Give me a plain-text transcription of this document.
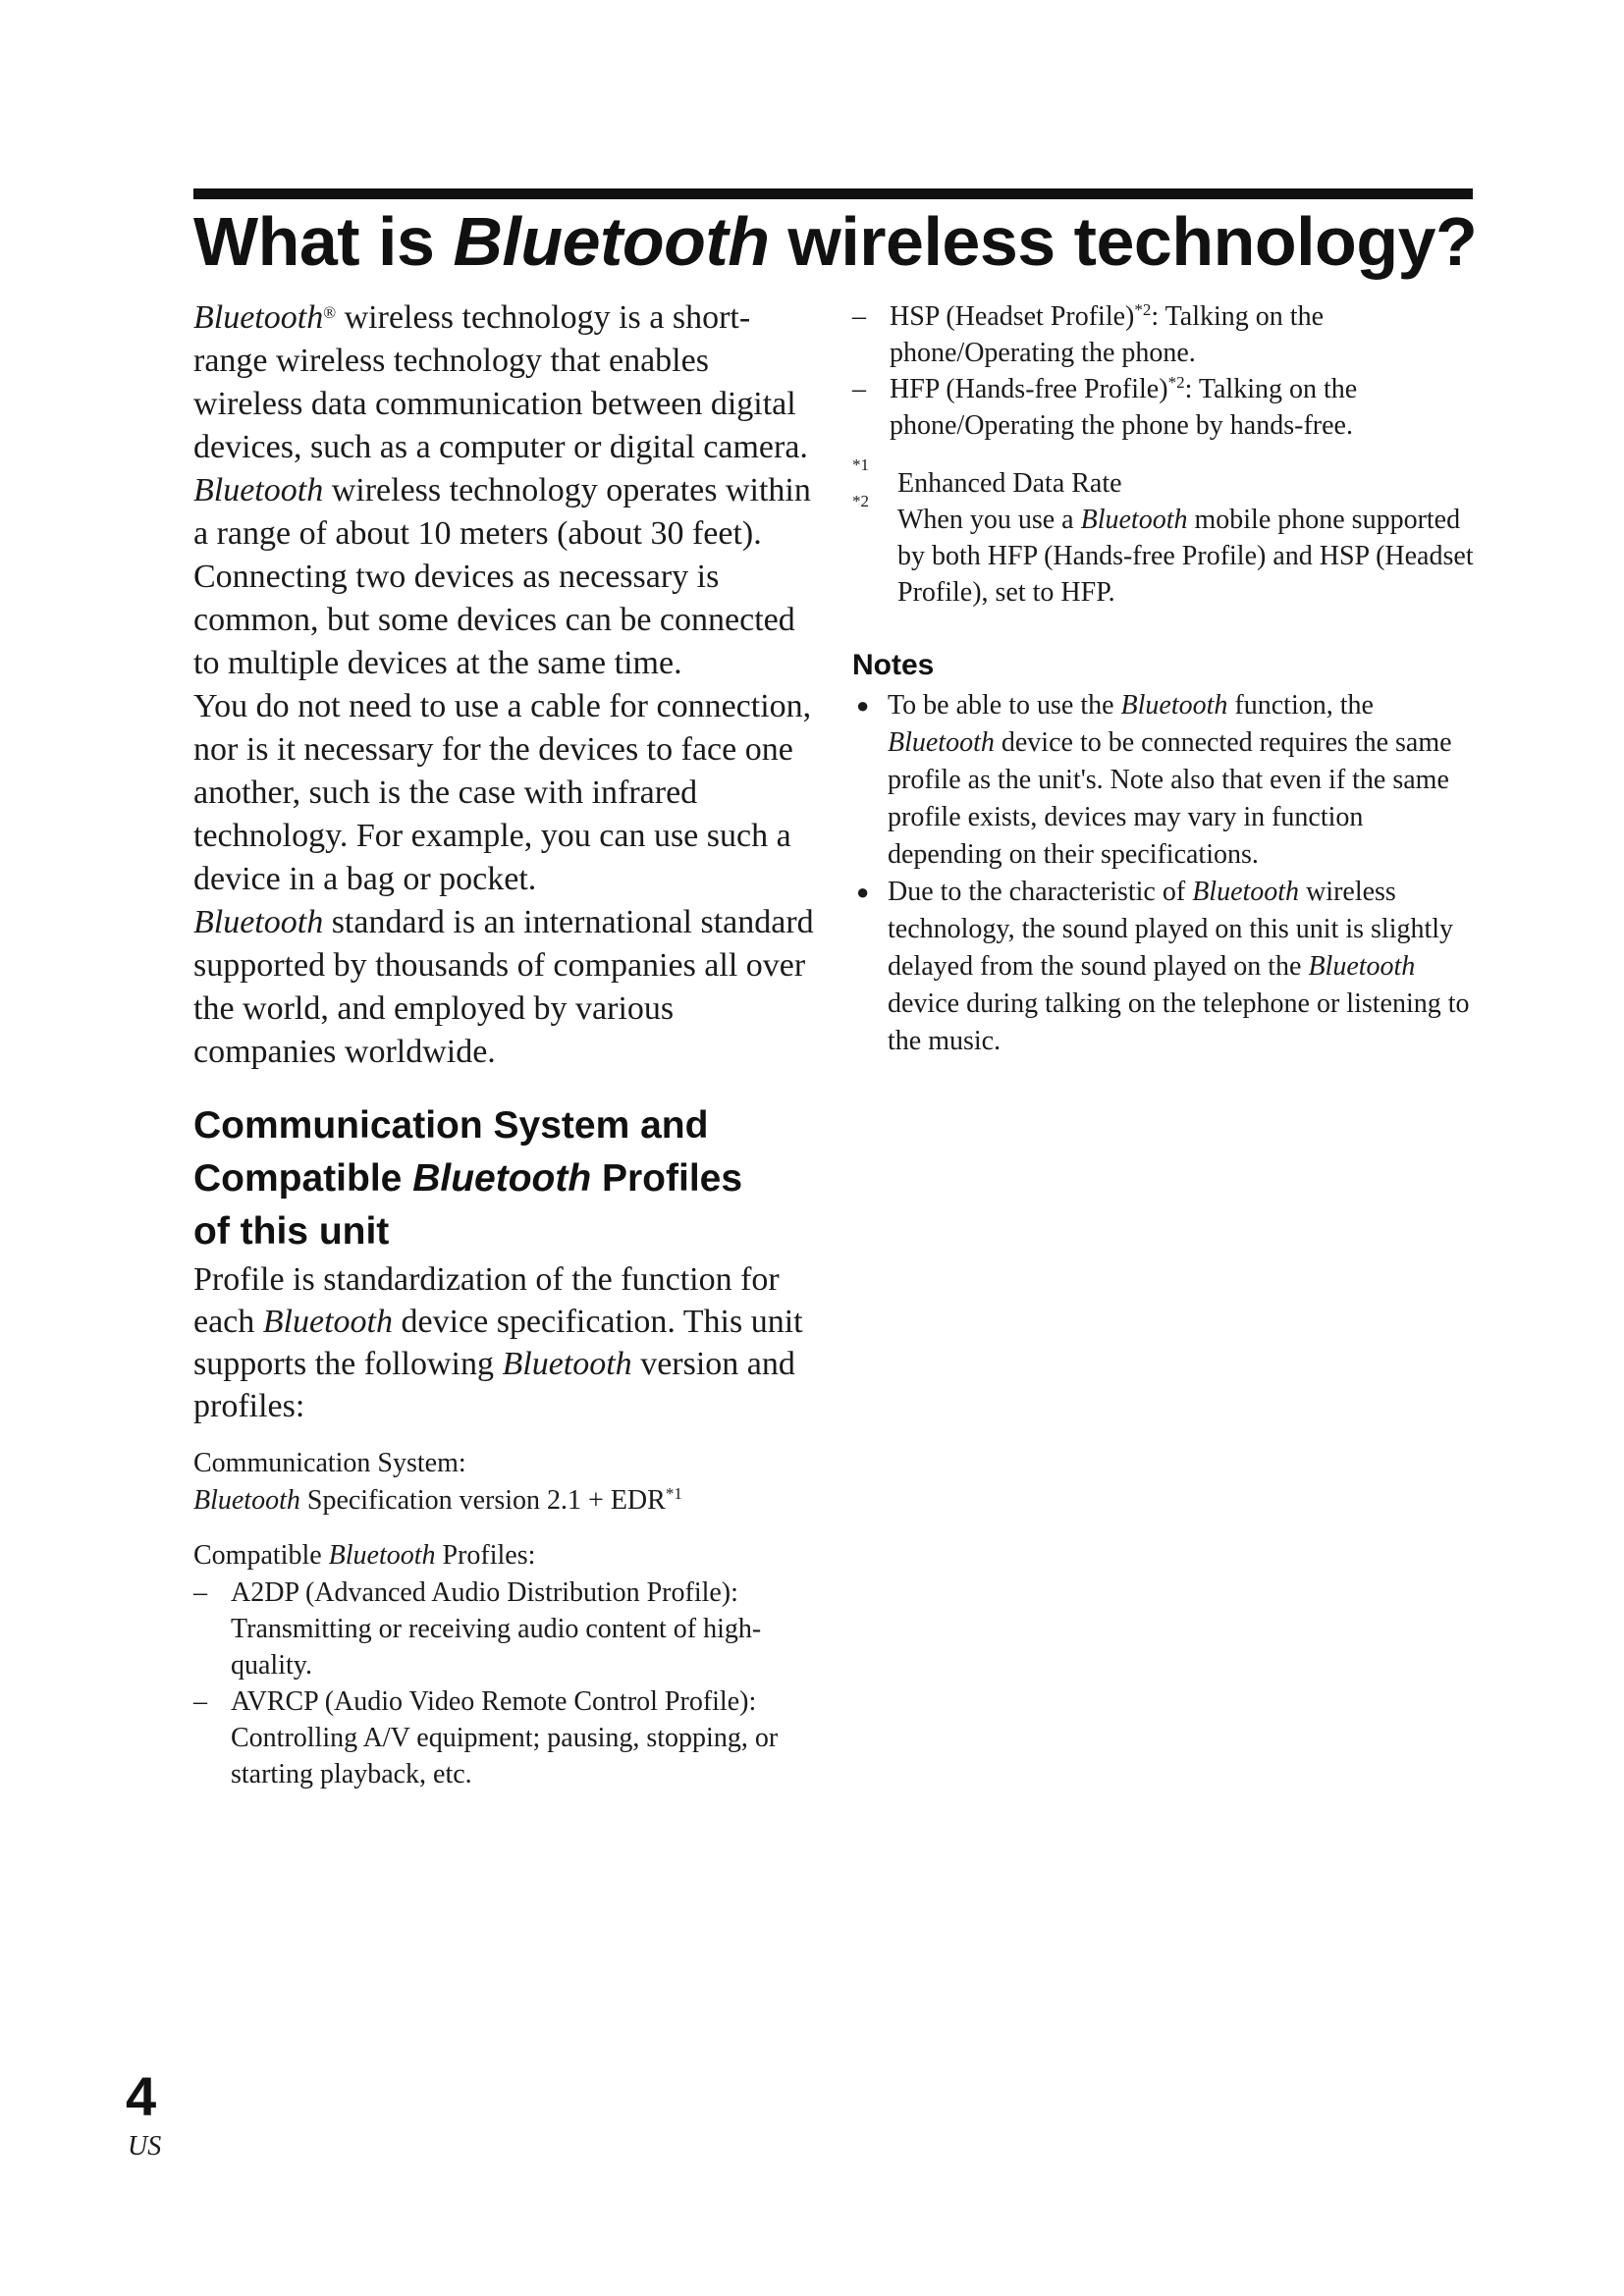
What is Bluetooth wireless technology?

Bluetooth® wireless technology is a short-range wireless technology that enables wireless data communication between digital devices, such as a computer or digital camera. Bluetooth wireless technology operates within a range of about 10 meters (about 30 feet).

Connecting two devices as necessary is common, but some devices can be connected to multiple devices at the same time.

You do not need to use a cable for connection, nor is it necessary for the devices to face one another, such is the case with infrared technology. For example, you can use such a device in a bag or pocket.

Bluetooth standard is an international standard supported by thousands of companies all over the world, and employed by various companies worldwide.

Communication System and
Compatible Bluetooth Profiles
of this unit

Profile is standardization of the function for each Bluetooth device specification. This unit supports the following Bluetooth version and profiles:

Communication System:

Bluetooth Specification version $2.1 + EDR^{*1}$

Compatible Bluetooth Profiles:

– A2DP (Advanced Audio Distribution Profile): Transmitting or receiving audio content of high-quality.
– AVRCP (Audio Video Remote Control Profile): Controlling A/V equipment; pausing, stopping, or starting playback, etc.
– HSP (Headset Profile)$^{*2}$: Talking on the phone/Operating the phone.
– HFP (Hands-free Profile)$^{*2}$: Talking on the phone/Operating the phone by hands-free.
*1
Enhanced Data Rate
*2
When you use a Bluetooth mobile phone supported by both HFP (Hands-free Profile) and HSP (Headset Profile), set to HFP.
Notes
● To be able to use the Bluetooth function, the Bluetooth device to be connected requires the same profile as the unit's. Note also that even if the same profile exists, devices may vary in function depending on their specifications.
● Due to the characteristic of Bluetooth wireless technology, the sound played on this unit is slightly delayed from the sound played on the Bluetooth device during talking on the telephone or listening to the music.
4
US
